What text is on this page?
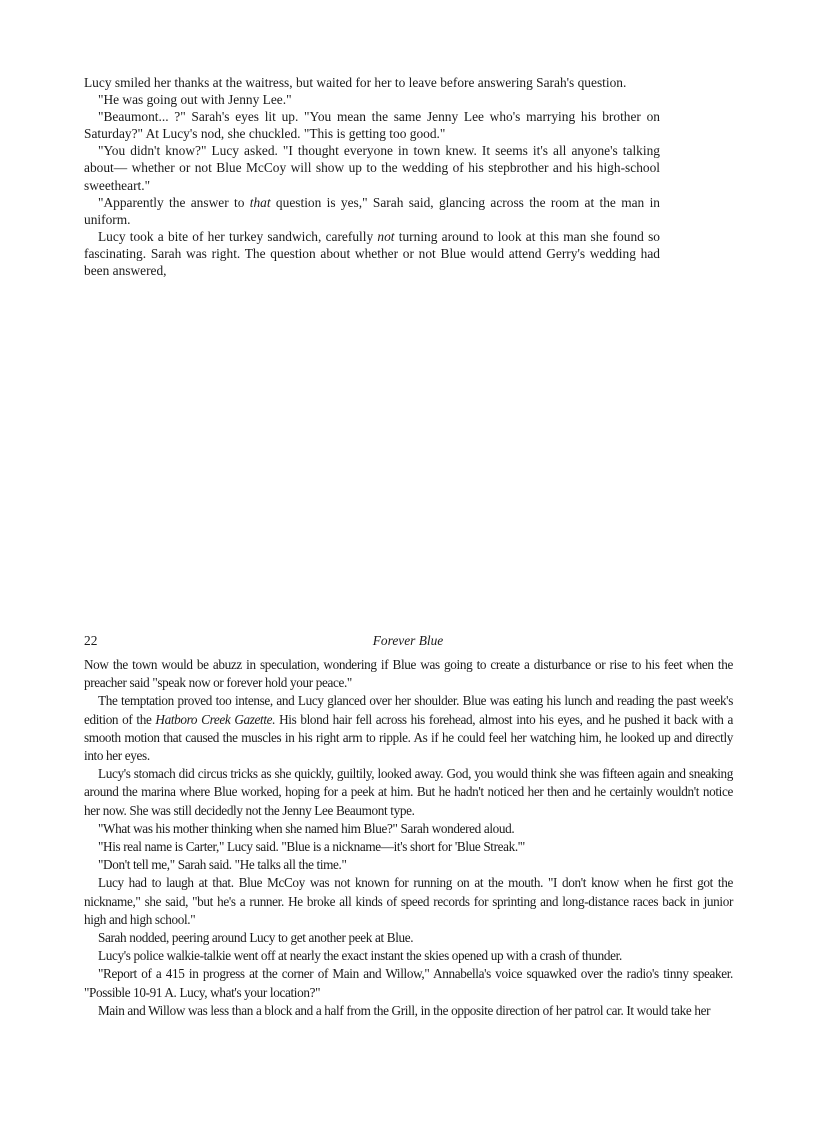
Lucy smiled her thanks at the waitress, but waited for her to leave before answering Sarah's question.

"He was going out with Jenny Lee."

"Beaumont... ?" Sarah's eyes lit up. "You mean the same Jenny Lee who's marrying his brother on Saturday?" At Lucy's nod, she chuckled. "This is getting too good."

"You didn't know?" Lucy asked. "I thought everyone in town knew. It seems it's all anyone's talking about— whether or not Blue McCoy will show up to the wedding of his stepbrother and his high-school sweetheart."

"Apparently the answer to that question is yes," Sarah said, glancing across the room at the man in uniform.

Lucy took a bite of her turkey sandwich, carefully not turning around to look at this man she found so fascinating. Sarah was right. The question about whether or not Blue would attend Gerry's wedding had been answered,

22	Forever Blue

Now the town would be abuzz in speculation, wondering if Blue was going to create a disturbance or rise to his feet when the preacher said "speak now or forever hold your peace."

The temptation proved too intense, and Lucy glanced over her shoulder. Blue was eating his lunch and reading the past week's edition of the Hatboro Creek Gazette. His blond hair fell across his forehead, almost into his eyes, and he pushed it back with a smooth motion that caused the muscles in his right arm to ripple. As if he could feel her watching him, he looked up and directly into her eyes.

Lucy's stomach did circus tricks as she quickly, guiltily, looked away. God, you would think she was fifteen again and sneaking around the marina where Blue worked, hoping for a peek at him. But he hadn't noticed her then and he certainly wouldn't notice her now. She was still decidedly not the Jenny Lee Beaumont type.

"What was his mother thinking when she named him Blue?" Sarah wondered aloud.

"His real name is Carter," Lucy said. "Blue is a nickname—it's short for 'Blue Streak.'"

"Don't tell me," Sarah said. "He talks all the time."

Lucy had to laugh at that. Blue McCoy was not known for running on at the mouth. "I don't know when he first got the nickname," she said, "but he's a runner. He broke all kinds of speed records for sprinting and long-distance races back in junior high and high school."

Sarah nodded, peering around Lucy to get another peek at Blue.

Lucy's police walkie-talkie went off at nearly the exact instant the skies opened up with a crash of thunder.

"Report of a 415 in progress at the corner of Main and Willow," Annabella's voice squawked over the radio's tinny speaker. "Possible 10-91 A. Lucy, what's your location?"

Main and Willow was less than a block and a half from the Grill, in the opposite direction of her patrol car. It would take her
